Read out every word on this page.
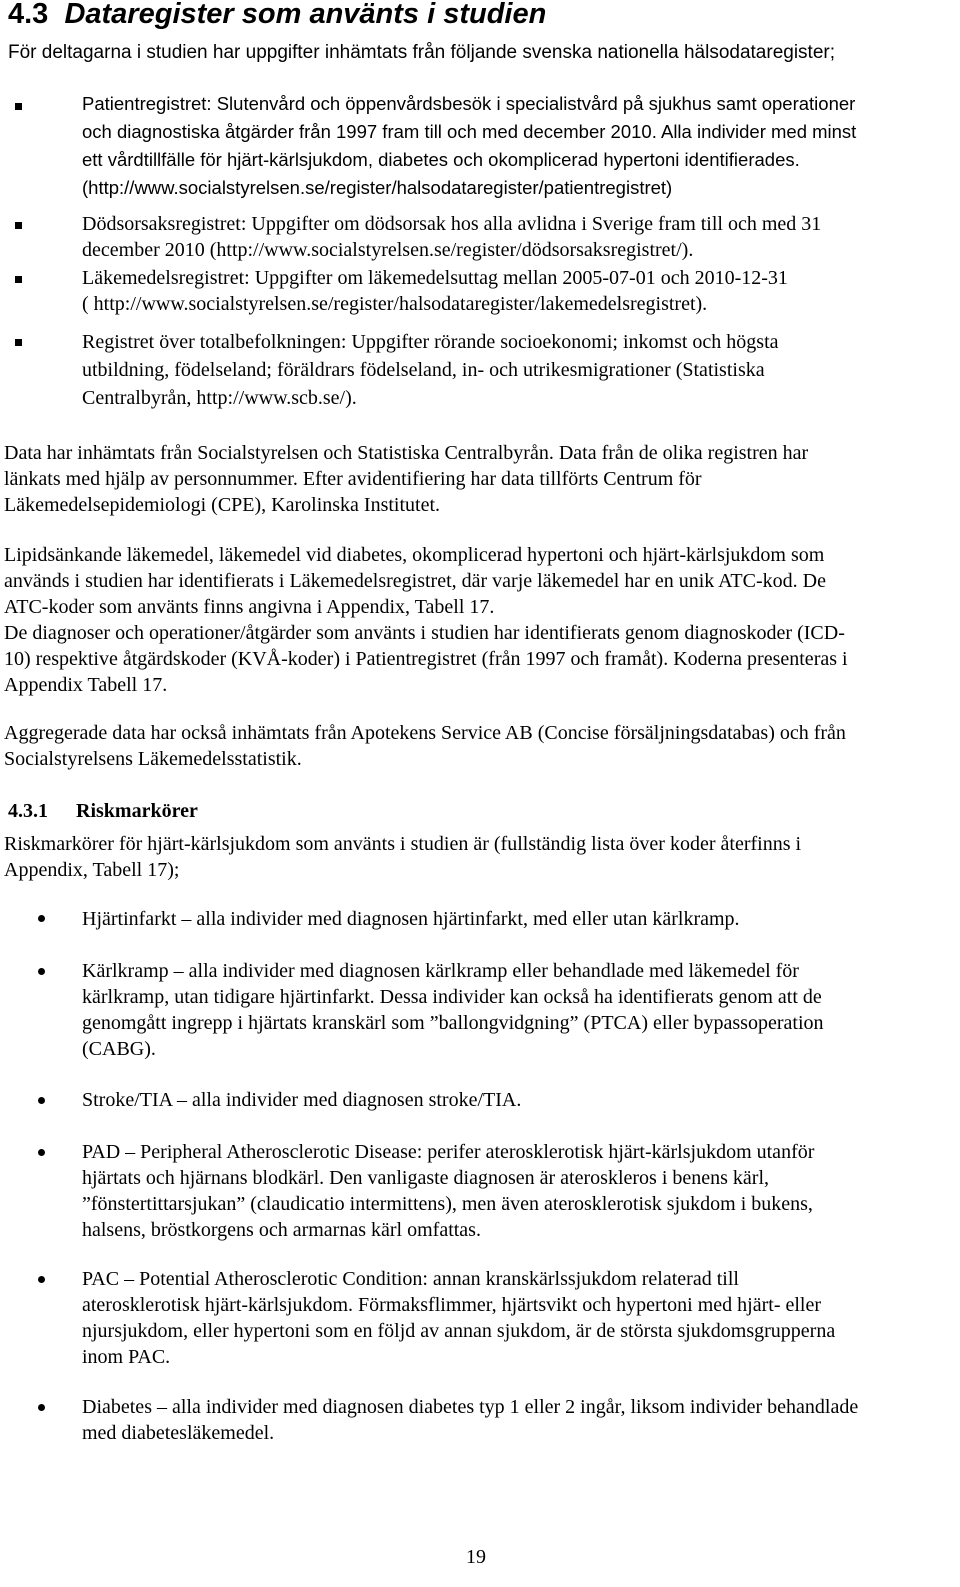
4.3 Dataregister som använts i studien
För deltagarna i studien har uppgifter inhämtats från följande svenska nationella hälsodataregister;
Patientregistret: Slutenvård och öppenvårdsbesök i specialistvård på sjukhus samt operationer
och diagnostiska åtgärder från 1997 fram till och med december 2010. Alla individer med minst
ett vårdtillfälle för hjärt-kärlsjukdom, diabetes och okomplicerad hypertoni identifierades.
(http://www.socialstyrelsen.se/register/halsodataregister/patientregistret)
Dödsorsaksregistret: Uppgifter om dödsorsak hos alla avlidna i Sverige fram till och med 31
december 2010 (http://www.socialstyrelsen.se/register/dödsorsaksregistret/).
Läkemedelsregistret: Uppgifter om läkemedelsuttag mellan 2005-07-01 och 2010-12-31
( http://www.socialstyrelsen.se/register/halsodataregister/lakemedelsregistret).
Registret över totalbefolkningen: Uppgifter rörande socioekonomi; inkomst och högsta
utbildning, födelseland; föräldrars födelseland, in- och utrikesmigrationer (Statistiska
Centralbyrån, http://www.scb.se/).
Data har inhämtats från Socialstyrelsen och Statistiska Centralbyrån. Data från de olika registren har
länkats med hjälp av personnummer. Efter avidentifiering har data tillförts Centrum för
Läkemedelsepidemiologi (CPE), Karolinska Institutet.
Lipidsänkande läkemedel, läkemedel vid diabetes, okomplicerad hypertoni och hjärt-kärlsjukdom som
används i studien har identifierats i Läkemedelsregistret, där varje läkemedel har en unik ATC-kod. De
ATC-koder som använts finns angivna i Appendix, Tabell 17.
De diagnoser och operationer/åtgärder som använts i studien har identifierats genom diagnoskoder (ICD-
10) respektive åtgärdskoder (KVÅ-koder) i Patientregistret (från 1997 och framåt). Koderna presenteras i
Appendix Tabell 17.
Aggregerade data har också inhämtats från Apotekens Service AB (Concise försäljningsdatabas) och från
Socialstyrelsens Läkemedelsstatistik.
4.3.1 Riskmarkörer
Riskmarkörer för hjärt-kärlsjukdom som använts i studien är (fullständig lista över koder återfinns i
Appendix, Tabell 17);
Hjärtinfarkt – alla individer med diagnosen hjärtinfarkt, med eller utan kärlkramp.
Kärlkramp – alla individer med diagnosen kärlkramp eller behandlade med läkemedel för
kärlkramp, utan tidigare hjärtinfarkt. Dessa individer kan också ha identifierats genom att de
genomgått ingrepp i hjärtats kranskärl som ”ballongvidgning” (PTCA) eller bypassoperation
(CABG).
Stroke/TIA – alla individer med diagnosen stroke/TIA.
PAD – Peripheral Atherosclerotic Disease: perifer aterosklerotisk hjärt-kärlsjukdom utanför
hjärtats och hjärnans blodkärl. Den vanligaste diagnosen är ateroskleros i benens kärl,
”fönstertittarsjukan” (claudicatio intermittens), men även aterosklerotisk sjukdom i bukens,
halsens, bröstkorgens och armarnas kärl omfattas.
PAC – Potential Atherosclerotic Condition: annan kranskärlssjukdom relaterad till
aterosklerotisk hjärt-kärlsjukdom. Förmaksflimmer, hjärtsvikt och hypertoni med hjärt- eller
njursjukdom, eller hypertoni som en följd av annan sjukdom, är de största sjukdomsgrupperna
inom PAC.
Diabetes – alla individer med diagnosen diabetes typ 1 eller 2 ingår, liksom individer behandlade
med diabetesläkemedel.
19
